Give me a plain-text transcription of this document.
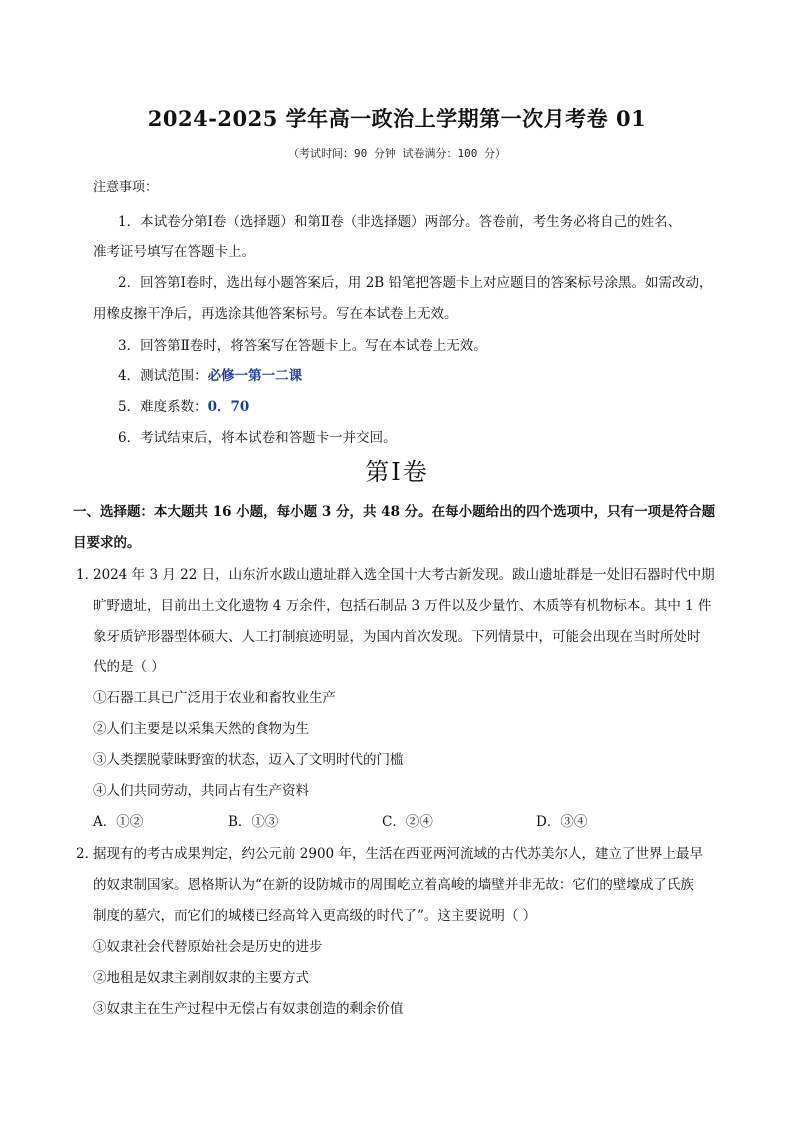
2024-2025 学年高一政治上学期第一次月考卷 01
（考试时间：90 分钟 试卷满分：100 分）
注意事项：
1．本试卷分第Ⅰ卷（选择题）和第Ⅱ卷（非选择题）两部分。答卷前，考生务必将自己的姓名、
准考证号填写在答题卡上。
2．回答第Ⅰ卷时，选出每小题答案后，用 2B 铅笔把答题卡上对应题目的答案标号涂黑。如需改动，
用橡皮擦干净后，再选涂其他答案标号。写在本试卷上无效。
3．回答第Ⅱ卷时，将答案写在答题卡上。写在本试卷上无效。
4．测试范围：必修一第一二课
5．难度系数：0．70
6．考试结束后，将本试卷和答题卡一并交回。
第Ⅰ卷
一、选择题：本大题共 16 小题，每小题 3 分，共 48 分。在每小题给出的四个选项中，只有一项是符合题
目要求的。
1．
2024 年 3 月 22 日，山东沂水跋山遗址群入选全国十大考古新发现。跋山遗址群是一处旧石器时代中期
旷野遗址，目前出土文化遗物 4 万余件，包括石制品 3 万件以及少量竹、木质等有机物标本。其中 1 件
象牙质铲形器型体硕大、人工打制痕迹明显，为国内首次发现。下列情景中，可能会出现在当时所处时
代的是（ ）
①石器工具已广泛用于农业和畜牧业生产
②人们主要是以采集天然的食物为生
③人类摆脱蒙昧野蛮的状态，迈入了文明时代的门槛
④人们共同劳动，共同占有生产资料
A．①②	B．①③	C．②④	D．③④
2．
据现有的考古成果判定，约公元前 2900 年，生活在西亚两河流域的古代苏美尔人，建立了世界上最早
的奴隶制国家。恩格斯认为“在新的设防城市的周围屹立着高峻的墙壁并非无故：它们的壁壕成了氏族
制度的墓穴，而它们的城楼已经高耸入更高级的时代了”。这主要说明（ ）
①奴隶社会代替原始社会是历史的进步
②地租是奴隶主剥削奴隶的主要方式
③奴隶主在生产过程中无偿占有奴隶创造的剩余价值
